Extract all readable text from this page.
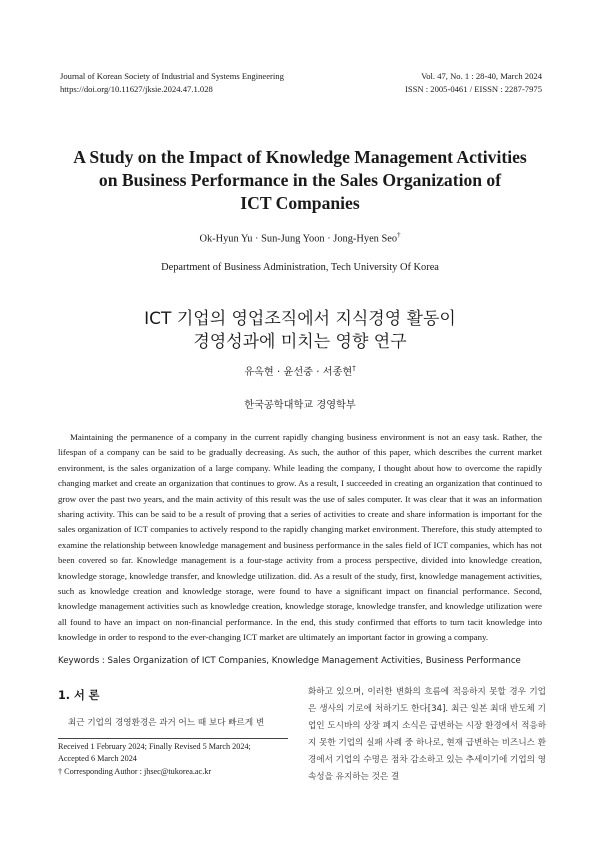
Journal of Korean Society of Industrial and Systems Engineering
https://doi.org/10.11627/jksie.2024.47.1.028
Vol. 47, No. 1 : 28-40, March 2024
ISSN : 2005-0461 / EISSN : 2287-7975
A Study on the Impact of Knowledge Management Activities
on Business Performance in the Sales Organization of
ICT Companies
Ok-Hyun Yu · Sun-Jung Yoon · Jong-Hyen Seo†
Department of Business Administration, Tech University Of Korea
ICT 기업의 영업조직에서 지식경영 활동이
경영성과에 미치는 영향 연구
유옥현 · 윤선중 · 서종현†
한국공학대학교 경영학부

Maintaining the permanence of a company in the current rapidly changing business environment is not an easy task. Rather, the lifespan of a company can be said to be gradually decreasing. As such, the author of this paper, which describes the current market environment, is the sales organization of a large company. While leading the company, I thought about how to overcome the rapidly changing market and create an organization that continues to grow. As a result, I succeeded in creating an organization that continued to grow over the past two years, and the main activity of this result was the use of sales computer. It was clear that it was an information sharing activity. This can be said to be a result of proving that a series of activities to create and share information is important for the sales organization of ICT companies to actively respond to the rapidly changing market environment. Therefore, this study attempted to examine the relationship between knowledge management and business performance in the sales field of ICT companies, which has not been covered so far. Knowledge management is a four-stage activity from a process perspective, divided into knowledge creation, knowledge storage, knowledge transfer, and knowledge utilization. did. As a result of the study, first, knowledge management activities, such as knowledge creation and knowledge storage, were found to have a significant impact on financial performance. Second, knowledge management activities such as knowledge creation, knowledge storage, knowledge transfer, and knowledge utilization were all found to have an impact on non-financial performance. In the end, this study confirmed that efforts to turn tacit knowledge into knowledge in order to respond to the ever-changing ICT market are ultimately an important factor in growing a company.

Keywords : Sales Organization of ICT Companies, Knowledge Management Activities, Business Performance
1. 서 론

최근 기업의 경영환경은 과거 어느 때 보다 빠르게 변

Received 1 February 2024; Finally Revised 5 March 2024;
Accepted 6 March 2024
† Corresponding Author : jhsec@tukorea.ac.kr

화하고 있으며, 이러한 변화의 흐름에 적응하지 못할 경우 기업은 생사의 기로에 처하기도 한다[34]. 최근 일본 최대 반도체 기업인 도시바의 상장 폐지 소식은 급변하는 시장 환경에서 적응하지 못한 기업의 실패 사례 중 하나로, 현재 급변하는 비즈니스 환경에서 기업의 수명은 점차 감소하고 있는 추세이기에 기업의 영속성을 유지하는 것은 결
